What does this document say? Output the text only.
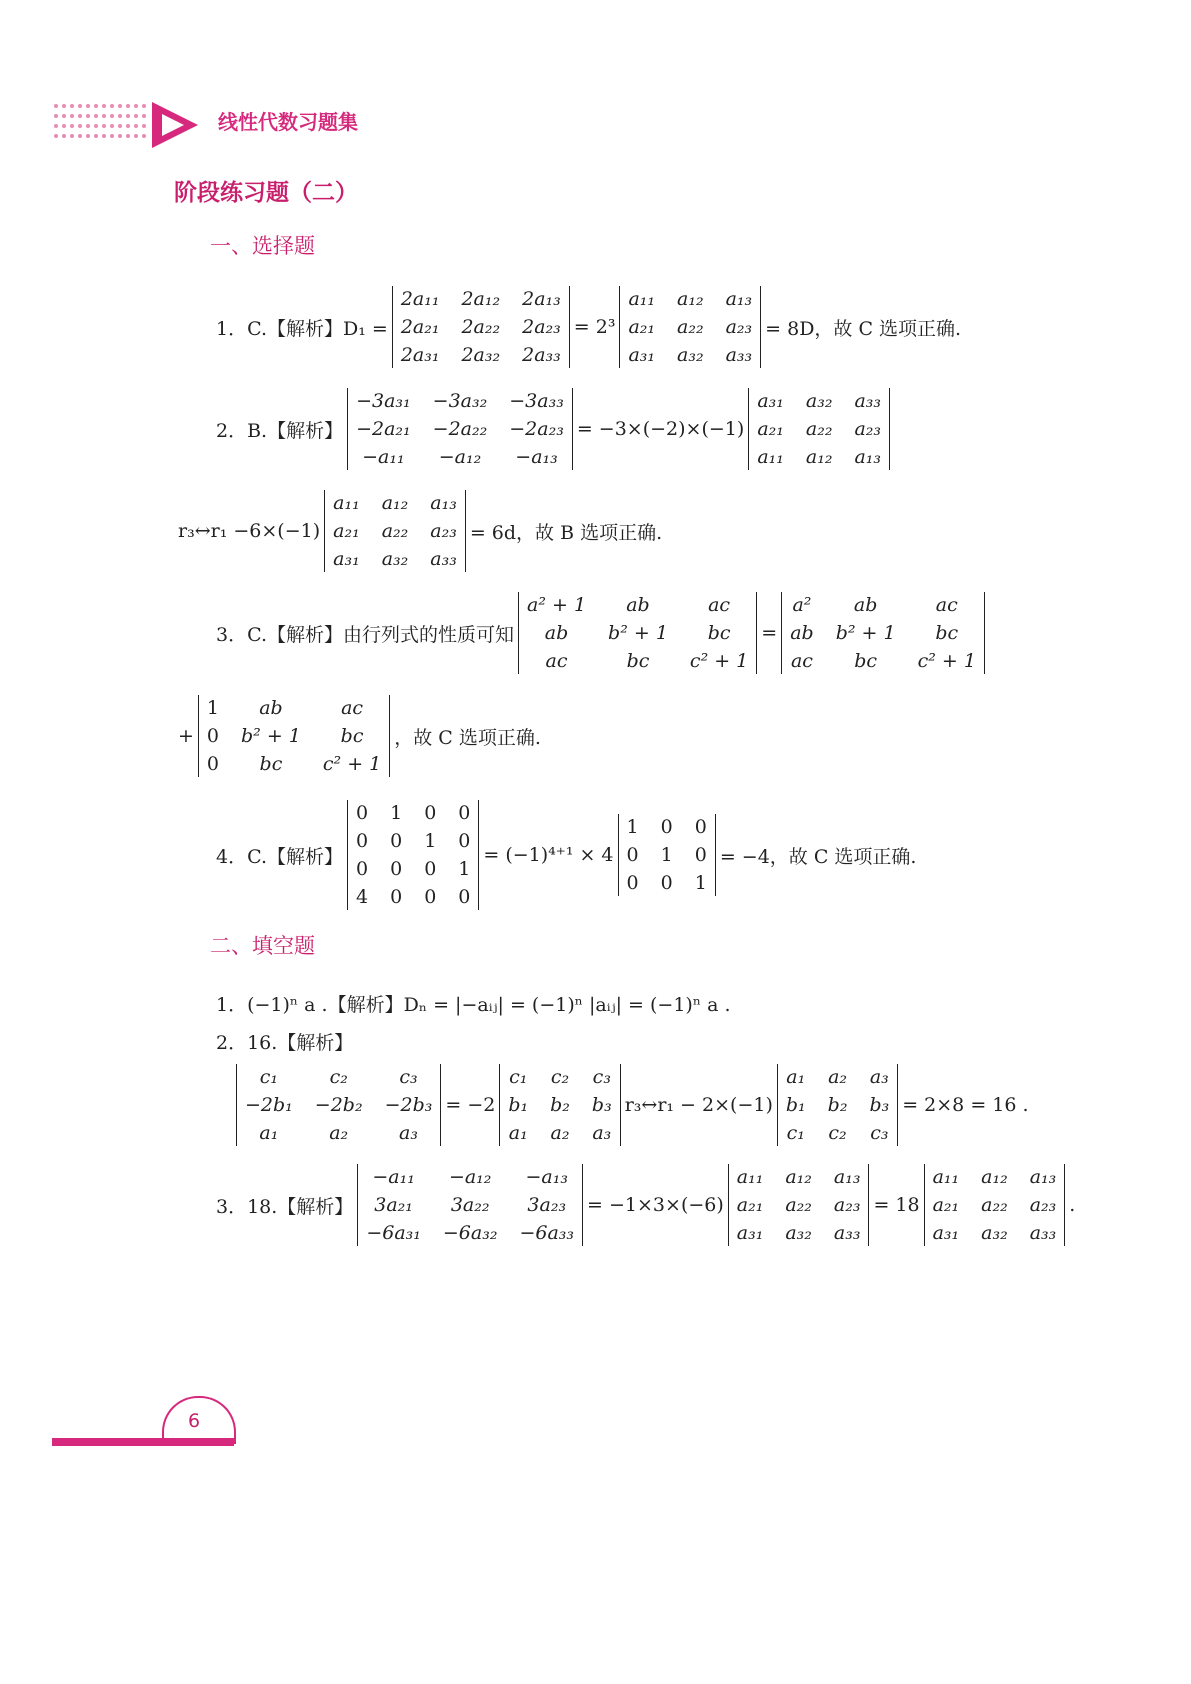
线性代数习题集
阶段练习题（二）
一、选择题
1．C.【解析】D₁ =
2a₁₁ 2a₁₂ 2a₁₃
2a₂₁ 2a₂₂ 2a₂₃
2a₃₁ 2a₃₂ 2a₃₃
= 2³
a₁₁ a₁₂ a₁₃
a₂₁ a₂₂ a₂₃
a₃₁ a₃₂ a₃₃
= 8D，故 C 选项正确.
2．B.【解析】
−3a₃₁ −3a₃₂ −3a₃₃
−2a₂₁ −2a₂₂ −2a₂₃
−a₁₁	−a₁₂	−a₁₃
= −3×(−2)×(−1)
a₃₁ a₃₂ a₃₃
a₂₁ a₂₂ a₂₃
a₁₁ a₁₂ a₁₃
r₃↔r₁ −6×(−1)
a₁₁ a₁₂ a₁₃
a₂₁ a₂₂ a₂₃
a₃₁ a₃₂ a₃₃
= 6d，故 B 选项正确.
3．C.【解析】由行列式的性质可知
a² + 1	ab	ac
ab	b² + 1	bc
ac	bc	c² + 1
=
a²	ab	ac
ab b² + 1	bc
ac	bc	c² + 1
+
1	ab	ac
0 b² + 1	bc
0	bc	c² + 1
，故 C 选项正确.
4．C.【解析】
0 1 0 0
0 0 1 0
0 0 0 1
4 0 0 0
= (−1)⁴⁺¹ × 4
1 0 0
0 1 0
0 0 1
= −4，故 C 选项正确.
二、填空题
1．(−1)ⁿ a .【解析】Dₙ = |−aᵢⱼ| = (−1)ⁿ |aᵢⱼ| = (−1)ⁿ a .
2．16.【解析】
c₁	c₂	c₃
−2b₁ −2b₂ −2b₃
a₁	a₂	a₃
= −2
c₁ c₂ c₃
b₁ b₂ b₃
a₁ a₂ a₃
r₃↔r₁ − 2×(−1)
a₁ a₂ a₃
b₁ b₂ b₃
c₁ c₂ c₃
= 2×8 = 16 .
3．18.【解析】
−a₁₁	−a₁₂	−a₁₃
3a₂₁	3a₂₂	3a₂₃
−6a₃₁ −6a₃₂ −6a₃₃
= −1×3×(−6)
a₁₁ a₁₂ a₁₃
a₂₁ a₂₂ a₂₃
a₃₁ a₃₂ a₃₃
= 18
a₁₁ a₁₂ a₁₃
a₂₁ a₂₂ a₂₃
a₃₁ a₃₂ a₃₃
.
6
